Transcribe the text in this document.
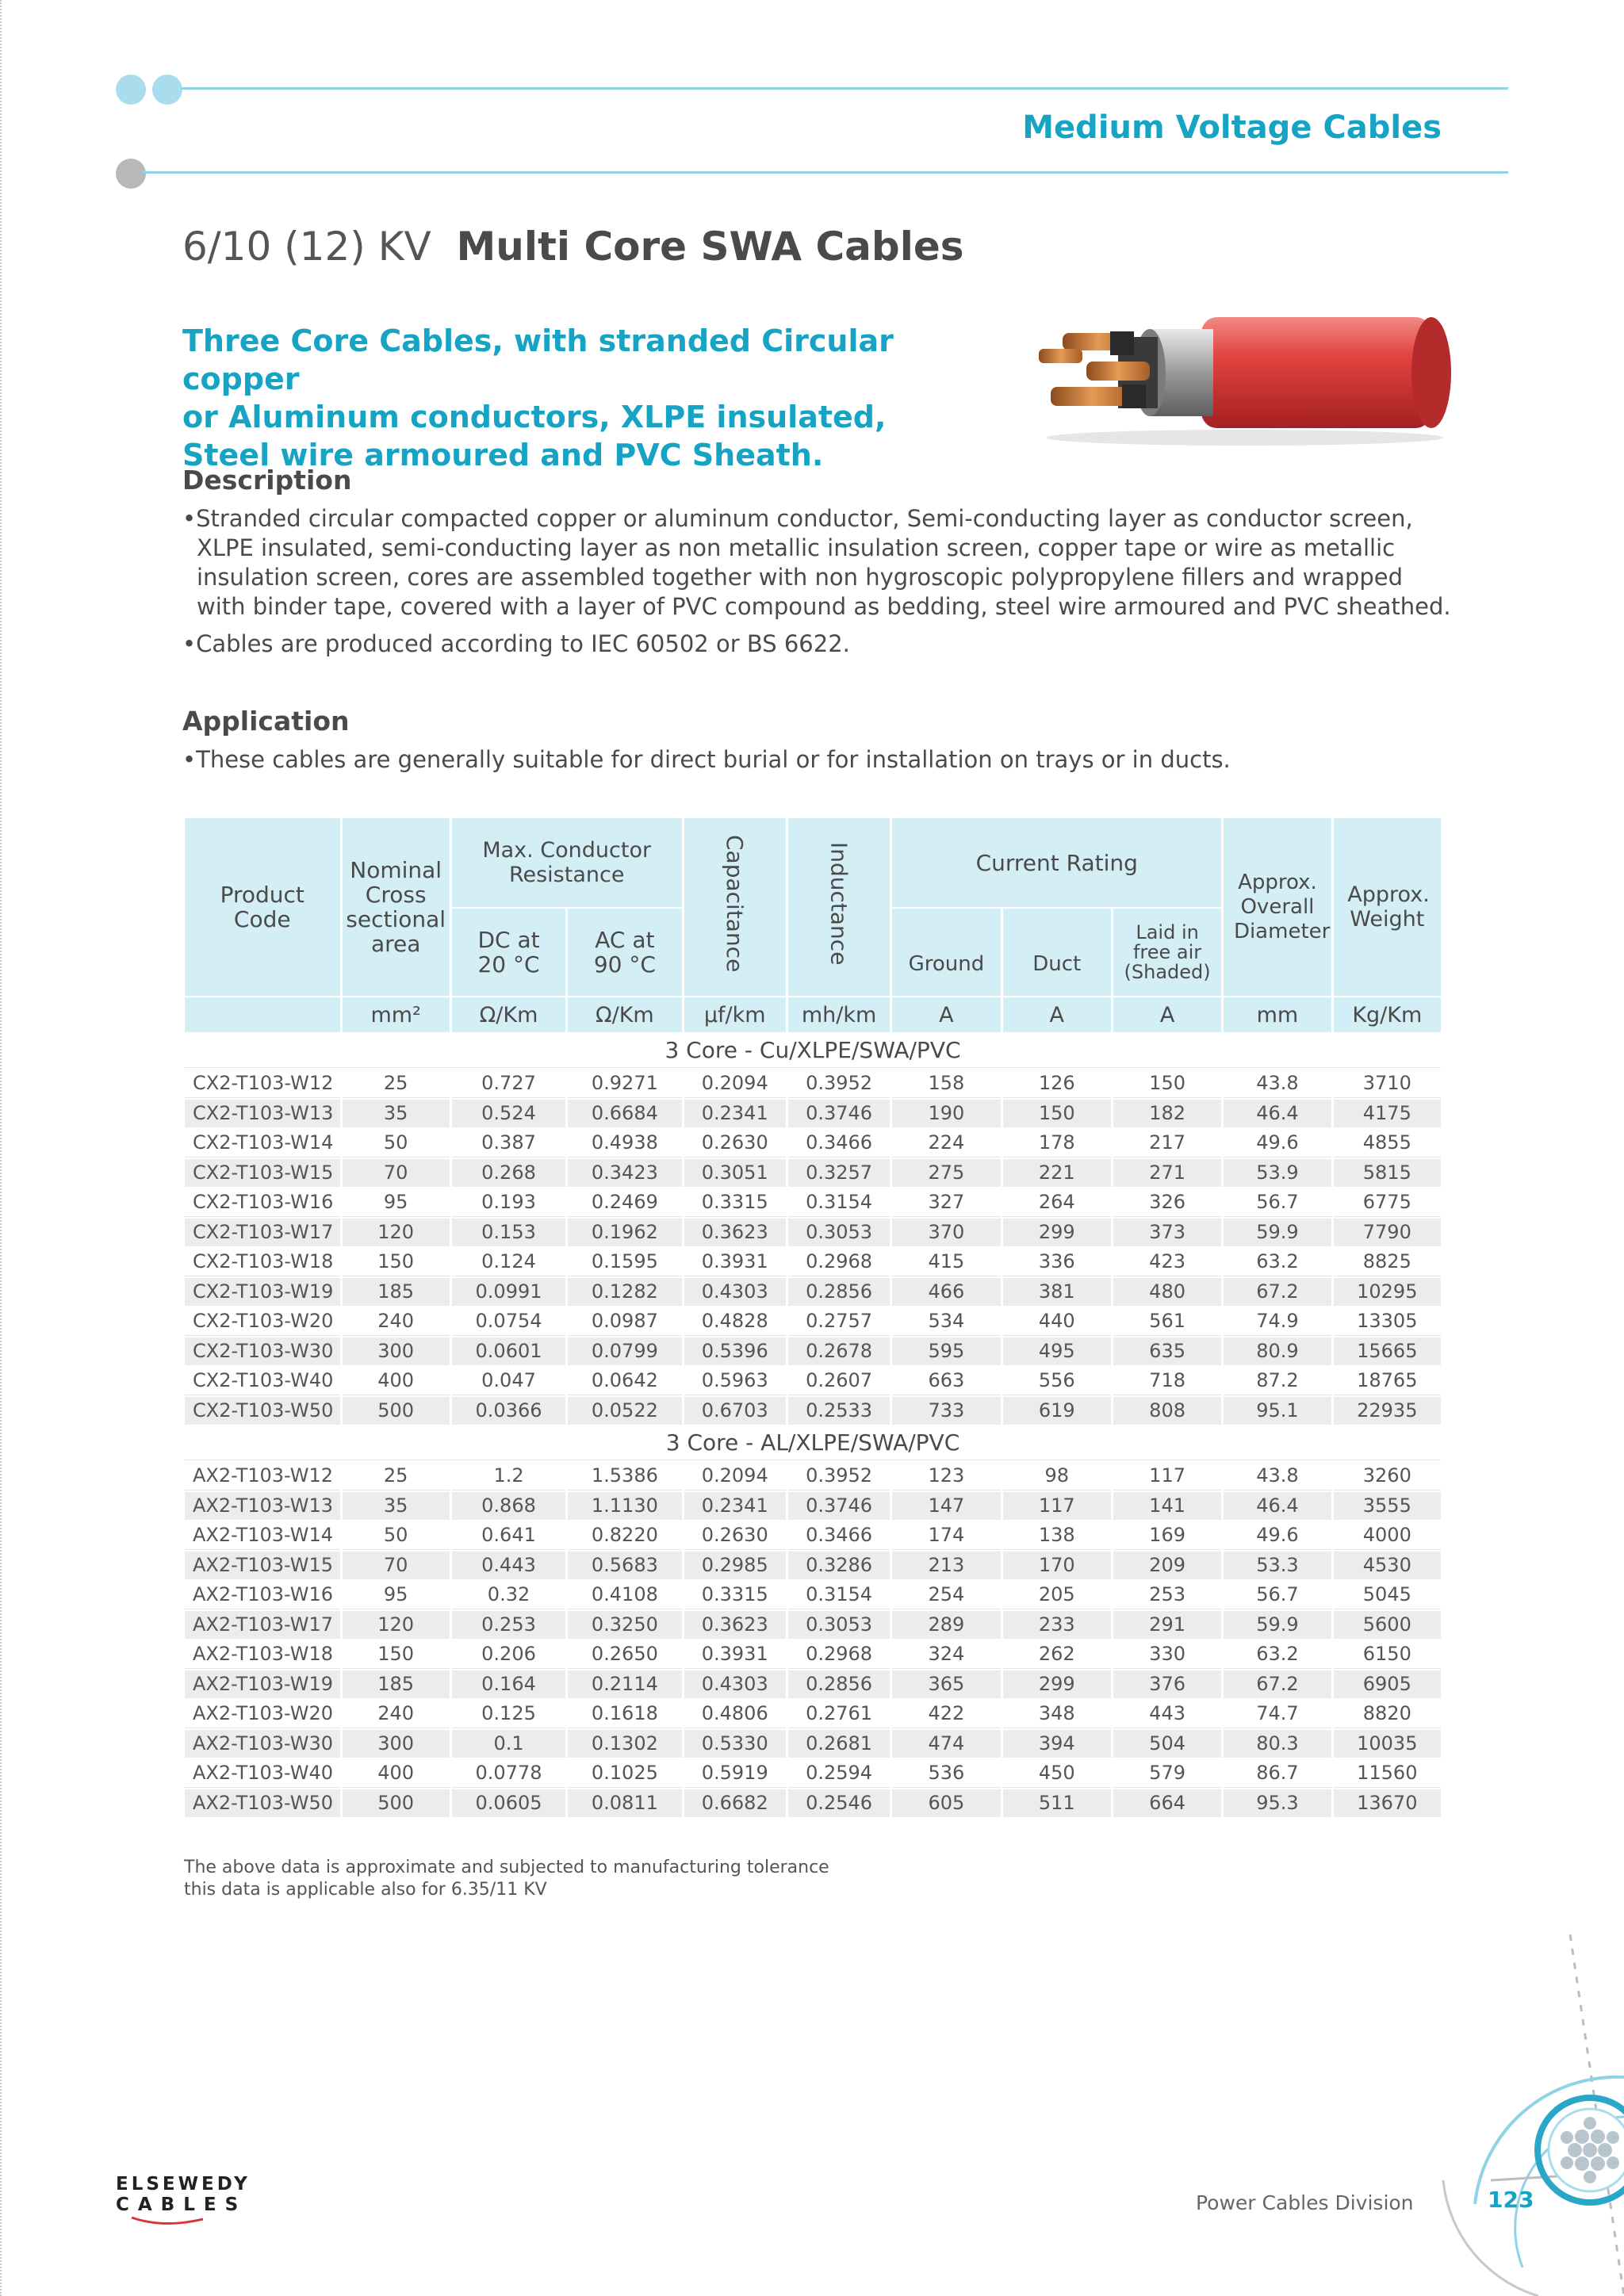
Medium Voltage Cables
6/10 (12) KV Multi Core SWA Cables
Three Core Cables, with stranded Circular copper
or Aluminum conductors, XLPE insulated,
Steel wire armoured and PVC Sheath.
Description
•Stranded circular compacted copper or aluminum conductor, Semi-conducting layer as conductor screen, XLPE insulated, semi-conducting layer as non metallic insulation screen, copper tape or wire as metallic insulation screen, cores are assembled together with non hygroscopic polypropylene fillers and wrapped with binder tape, covered with a layer of PVC compound as bedding, steel wire armoured and PVC sheathed.
•Cables are produced according to IEC 60502 or BS 6622.
Application
•These cables are generally suitable for direct burial or for installation on trays or in ducts.
Product Code	Nominal Cross sectional area	Max. Conductor Resistance		Capacitance	Inductance	Current Rating			Approx. Overall Diameter	Approx. Weight

		DC at 20 °C	AC at 90 °C			Ground	Duct	Laid in free air (Shaded)		

	mm²	Ω/Km	Ω/Km	μf/km	mh/km	A	A	A	mm	Kg/Km
3 Core - Cu/XLPE/SWA/PVC										
CX2-T103-W12	25	0.727	0.9271	0.2094	0.3952	158	126	150	43.8	3710
CX2-T103-W13	35	0.524	0.6684	0.2341	0.3746	190	150	182	46.4	4175
CX2-T103-W14	50	0.387	0.4938	0.2630	0.3466	224	178	217	49.6	4855
CX2-T103-W15	70	0.268	0.3423	0.3051	0.3257	275	221	271	53.9	5815
CX2-T103-W16	95	0.193	0.2469	0.3315	0.3154	327	264	326	56.7	6775
CX2-T103-W17	120	0.153	0.1962	0.3623	0.3053	370	299	373	59.9	7790
CX2-T103-W18	150	0.124	0.1595	0.3931	0.2968	415	336	423	63.2	8825
CX2-T103-W19	185	0.0991	0.1282	0.4303	0.2856	466	381	480	67.2	10295
CX2-T103-W20	240	0.0754	0.0987	0.4828	0.2757	534	440	561	74.9	13305
CX2-T103-W30	300	0.0601	0.0799	0.5396	0.2678	595	495	635	80.9	15665
CX2-T103-W40	400	0.047	0.0642	0.5963	0.2607	663	556	718	87.2	18765
CX2-T103-W50	500	0.0366	0.0522	0.6703	0.2533	733	619	808	95.1	22935
3 Core - AL/XLPE/SWA/PVC										
AX2-T103-W12	25	1.2	1.5386	0.2094	0.3952	123	98	117	43.8	3260
AX2-T103-W13	35	0.868	1.1130	0.2341	0.3746	147	117	141	46.4	3555
AX2-T103-W14	50	0.641	0.8220	0.2630	0.3466	174	138	169	49.6	4000
AX2-T103-W15	70	0.443	0.5683	0.2985	0.3286	213	170	209	53.3	4530
AX2-T103-W16	95	0.32	0.4108	0.3315	0.3154	254	205	253	56.7	5045
AX2-T103-W17	120	0.253	0.3250	0.3623	0.3053	289	233	291	59.9	5600
AX2-T103-W18	150	0.206	0.2650	0.3931	0.2968	324	262	330	63.2	6150
AX2-T103-W19	185	0.164	0.2114	0.4303	0.2856	365	299	376	67.2	6905
AX2-T103-W20	240	0.125	0.1618	0.4806	0.2761	422	348	443	74.7	8820
AX2-T103-W30	300	0.1	0.1302	0.5330	0.2681	474	394	504	80.3	10035
AX2-T103-W40	400	0.0778	0.1025	0.5919	0.2594	536	450	579	86.7	11560
AX2-T103-W50	500	0.0605	0.0811	0.6682	0.2546	605	511	664	95.3	13670
The above data is approximate and subjected to manufacturing tolerance
this data is applicable also for 6.35/11 KV
ELSEWEDY
CABLES	Power Cables Division	123
